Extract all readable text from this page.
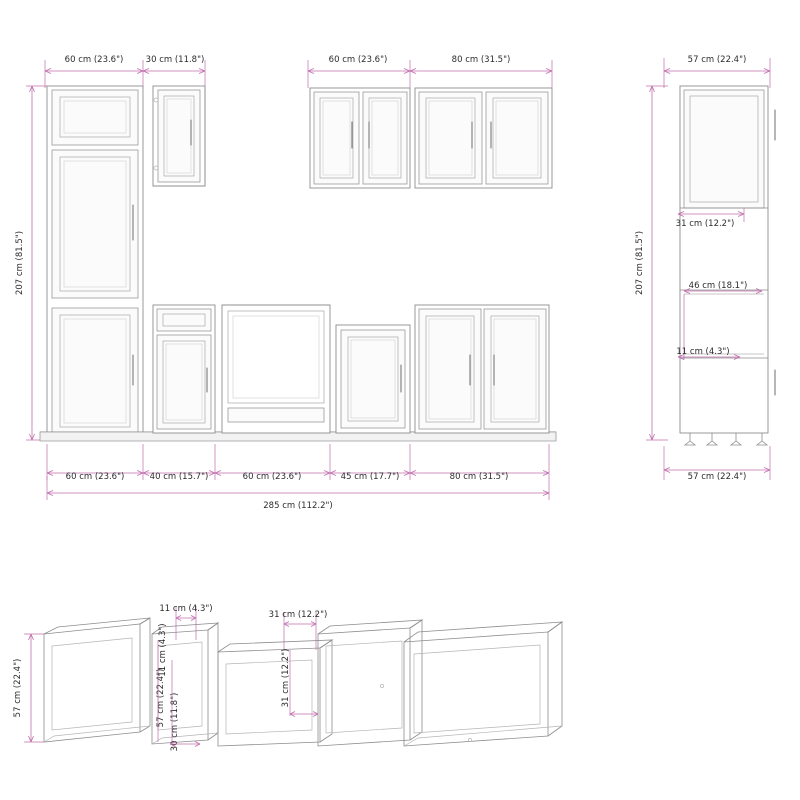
60 cm (23.6")	30 cm (11.8")
207 cm (81.5")
60 cm (23.6")	40 cm (15.7")	60 cm (23.6")	45 cm (17.7")	80 cm (31.5")
285 cm (112.2")
60 cm (23.6")	80 cm (31.5")	57 cm (22.4")
207 cm (81.5")
31 cm (12.2")
46 cm (18.1")
11 cm (4.3")
57 cm (22.4")
57 cm (22.4")
11 cm (4.3")
11 cm (4.3")
57 cm (22.4") 30 cm (11.8")
31 cm (12.2")
31 cm (12.2")
